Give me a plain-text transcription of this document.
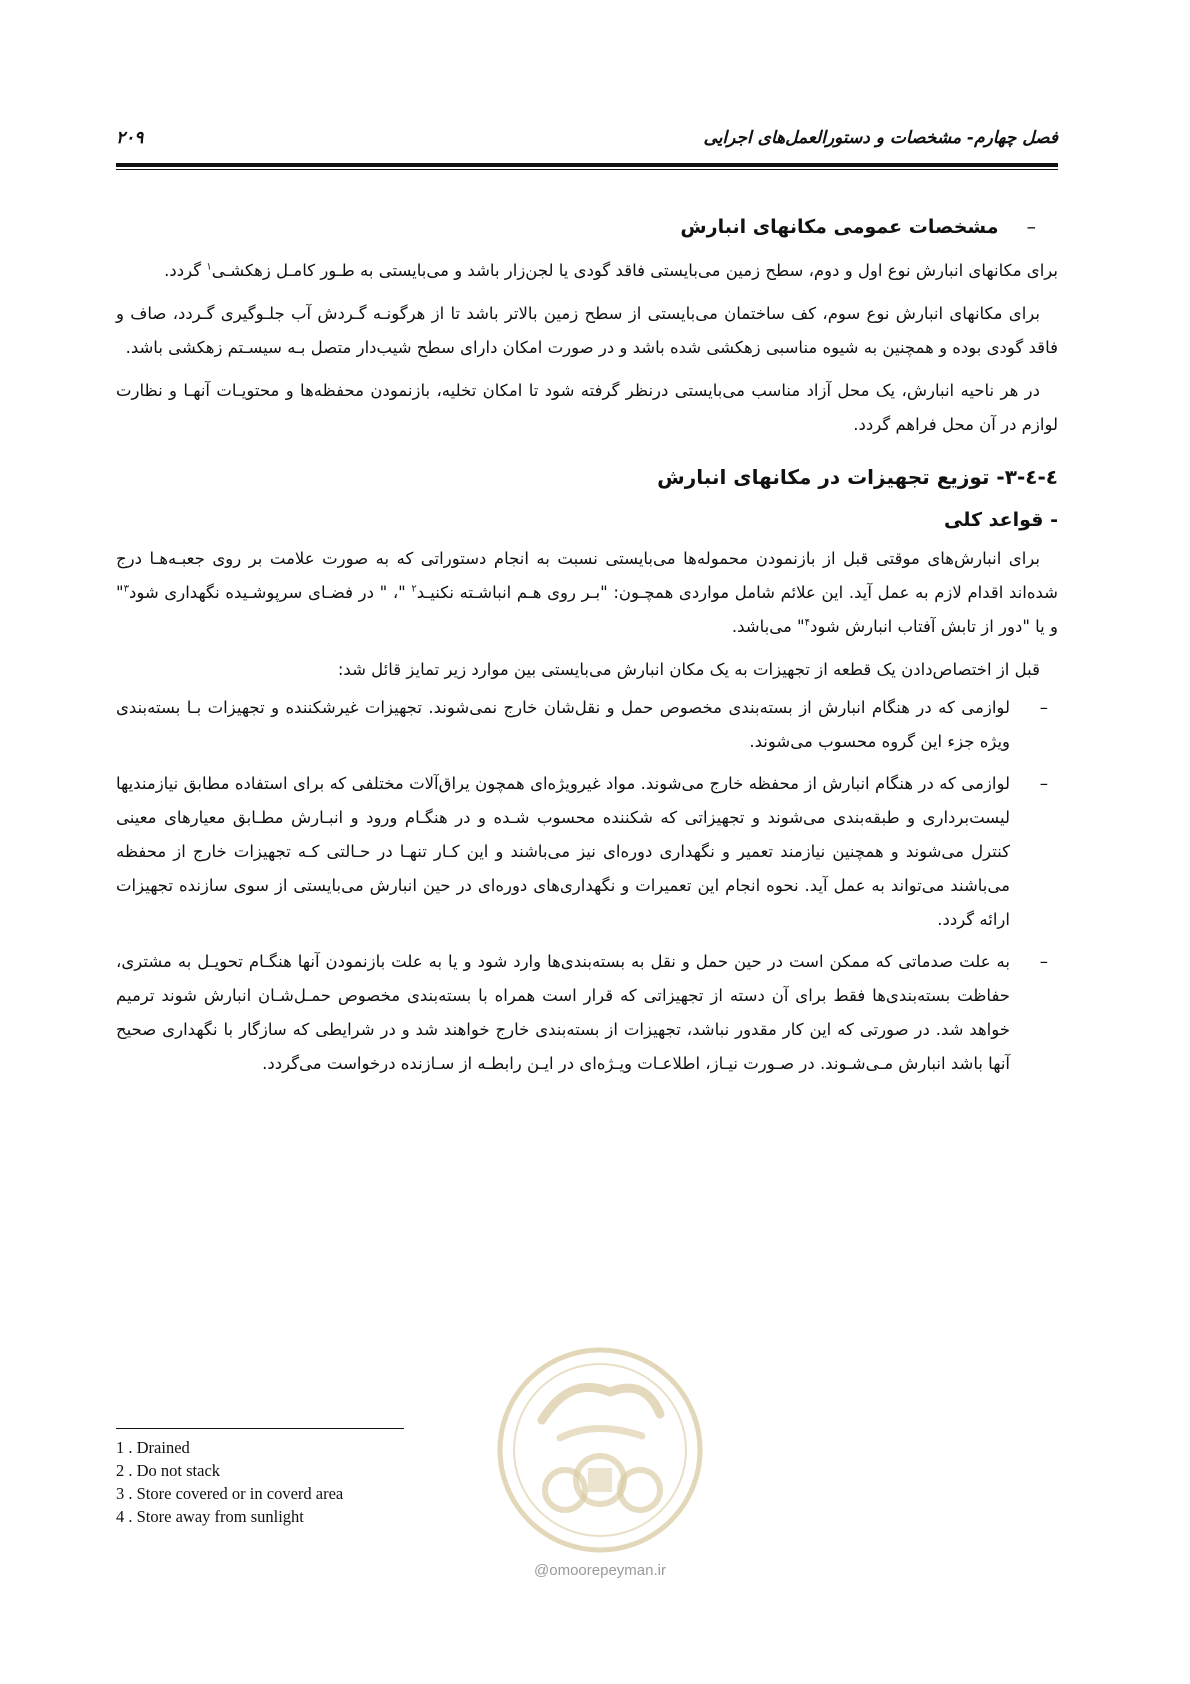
فصل چهارم- مشخصات و دستورالعمل‌های اجرایی
۲۰۹
–مشخصات عمومی مکانهای انبارش

برای مکانهای انبارش نوع اول و دوم، سطح زمین می‌بایستی فاقد گودی یا لجن‌زار باشد و می‌بایستی به طـور کامـل زهکشـی$^۱$ گردد.

برای مکانهای انبارش نوع سوم، کف ساختمان می‌بایستی از سطح زمین بالاتر باشد تا از هرگونـه گـردش آب جلـوگیری گـردد، صاف و فاقد گودی بوده و همچنین به شیوه مناسبی زهکشی شده باشد و در صورت امکان دارای سطح شیب‌دار متصل بـه سیسـتم زهکشی باشد.

در هر ناحیه انبارش، یک محل آزاد مناسب می‌بایستی درنظر گرفته شود تا امکان تخلیه، بازنمودن محفظه‌ها و محتویـات آنهـا و نظارت لوازم در آن محل فراهم گردد.

٤-٤-٣- توزیع تجهیزات در مکانهای انبارش
- قواعد کلی

برای انبارش‌های موقتی قبل از بازنمودن محموله‌ها می‌بایستی نسبت به انجام دستوراتی که به صورت علامت بر روی جعبـه‌هـا درج شده‌اند اقدام لازم به عمل آید. این علائم شامل مواردی همچـون: "بـر روی هـم انباشـته نکنیـد$^۲$ "، " در فضـای سرپوشـیده نگهداری شود$^۳$" و یا "دور از تابش آفتاب انبارش شود$^۴$" می‌باشد.

قبل از اختصاص‌دادن یک قطعه از تجهیزات به یک مکان انبارش می‌بایستی بین موارد زیر تمایز قائل شد:

–
لوازمی که در هنگام انبارش از بسته‌بندی مخصوص حمل و نقل‌شان خارج نمی‌شوند. تجهیزات غیرشکننده و تجهیزات بـا بسته‌بندی ویژه جزء این گروه محسوب می‌شوند.
–
لوازمی که در هنگام انبارش از محفظه خارج می‌شوند. مواد غیرویژه‌ای همچون یراق‌آلات مختلفی که برای استفاده مطابق نیازمندیها لیست‌برداری و طبقه‌بندی می‌شوند و تجهیزاتی که شکننده محسوب شـده و در هنگـام ورود و انبـارش مطـابق معیارهای معینی کنترل می‌شوند و همچنین نیازمند تعمیر و نگهداری دوره‌ای نیز می‌باشند و این کـار تنهـا در حـالتی کـه تجهیزات خارج از محفظه می‌باشند می‌تواند به عمل آید. نحوه انجام این تعمیرات و نگهداری‌های دوره‌ای در حین انبارش می‌بایستی از سوی سازنده تجهیزات ارائه گردد.
–
به علت صدماتی که ممکن است در حین حمل و نقل به بسته‌بندی‌ها وارد شود و یا به علت بازنمودن آنها هنگـام تحویـل به مشتری، حفاظت بسته‌بندی‌ها فقط برای آن دسته از تجهیزاتی که قرار است همراه با بسته‌بندی مخصوص حمـل‌شـان انبارش شوند ترمیم خواهد شد. در صورتی که این کار مقدور نباشد، تجهیزات از بسته‌بندی خارج خواهند شد و در شرایطی که سازگار با نگهداری صحیح آنها باشد انبارش مـی‌شـوند. در صـورت نیـاز، اطلاعـات ویـژه‌ای در ایـن رابطـه از سـازنده درخواست می‌گردد.
@omoorepeyman.ir
1 . Drained
2 . Do not stack
3 . Store covered or in coverd area
4 . Store away from sunlight
